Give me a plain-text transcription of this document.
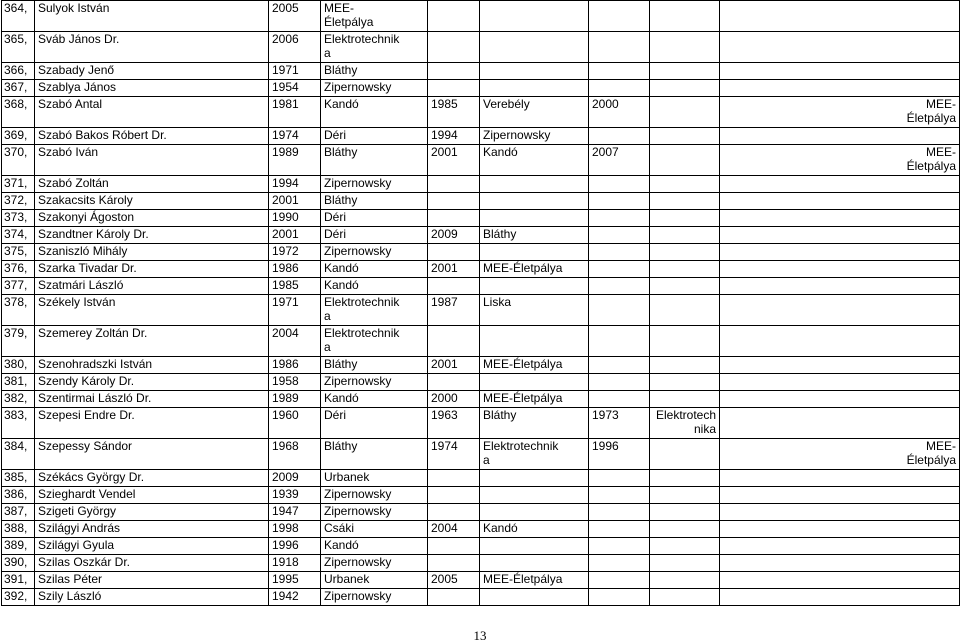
364,	Sulyok István	2005	MEE-
Életpálya					
365,	Sváb János Dr.	2006	Elektrotechnik
a					
366,	Szabady Jenő	1971	Bláthy					
367,	Szablya János	1954	Zipernowsky					
368,	Szabó Antal	1981	Kandó	1985	Verebély	2000		MEE-
Életpálya
369,	Szabó Bakos Róbert Dr.	1974	Déri	1994	Zipernowsky			
370,	Szabó Iván	1989	Bláthy	2001	Kandó	2007		MEE-
Életpálya
371,	Szabó Zoltán	1994	Zipernowsky					
372,	Szakacsits Károly	2001	Bláthy					
373,	Szakonyi Ágoston	1990	Déri					
374,	Szandtner Károly Dr.	2001	Déri	2009	Bláthy			
375,	Szaniszló Mihály	1972	Zipernowsky					
376,	Szarka Tivadar Dr.	1986	Kandó	2001	MEE-Életpálya			
377,	Szatmári László	1985	Kandó					
378,	Székely István	1971	Elektrotechnik
a	1987	Liska			
379,	Szemerey Zoltán Dr.	2004	Elektrotechnik
a					
380,	Szenohradszki István	1986	Bláthy	2001	MEE-Életpálya			
381,	Szendy Károly Dr.	1958	Zipernowsky					
382,	Szentirmai László Dr.	1989	Kandó	2000	MEE-Életpálya			
383,	Szepesi Endre Dr.	1960	Déri	1963	Bláthy	1973	Elektrotech
nika	
384,	Szepessy Sándor	1968	Bláthy	1974	Elektrotechnik
a	1996		MEE-
Életpálya
385,	Székács György Dr.	2009	Urbanek					
386,	Szieghardt Vendel	1939	Zipernowsky					
387,	Szigeti György	1947	Zipernowsky					
388,	Szilágyi András	1998	Csáki	2004	Kandó			
389,	Szilágyi Gyula	1996	Kandó					
390,	Szilas Oszkár Dr.	1918	Zipernowsky					
391,	Szilas Péter	1995	Urbanek	2005	MEE-Életpálya			
392,	Szily László	1942	Zipernowsky					
13
